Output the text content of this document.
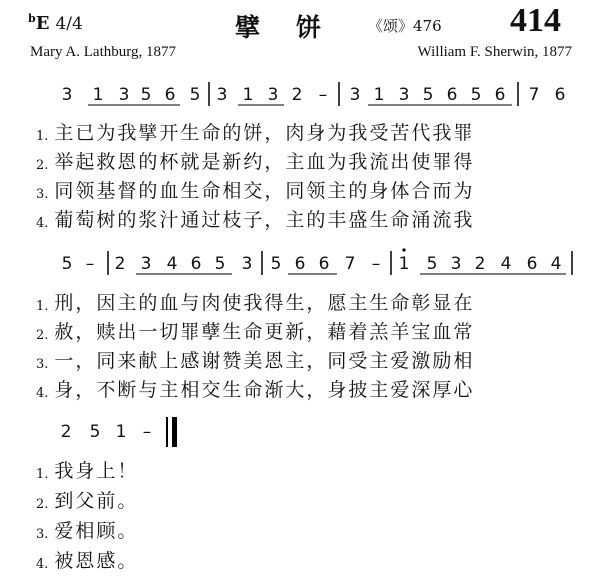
$^b$E 4/4	擘饼 《颂》476 414
Mary A. Lathburg, 1877	William F. Sherwin, 1877
3 1 3 5 6 5 3 1 3 2 – 3 1 3 5 6 5 6 7 6
1. 主已为我擘开生命的饼，肉身为我受苦代我罪
2. 举起救恩的杯就是新约，主血为我流出使罪得
3. 同领基督的血生命相交，同领主的身体合而为
4. 葡萄树的浆汁通过枝子，主的丰盛生命涌流我
5 – 2 3 4 6 5 3 5 6 6 7 – 1 5 3 2 4 6 4
1. 刑，因主的血与肉使我得生，愿主生命彰显在
2. 赦，赎出一切罪孽生命更新，藉着羔羊宝血常
3. 一，同来献上感谢赞美恩主，同受主爱激励相
4. 身，不断与主相交生命渐大，身披主爱深厚心
2 5 1 –
1. 我身上！
2. 到父前。
3. 爱相顾。
4. 被恩感。
